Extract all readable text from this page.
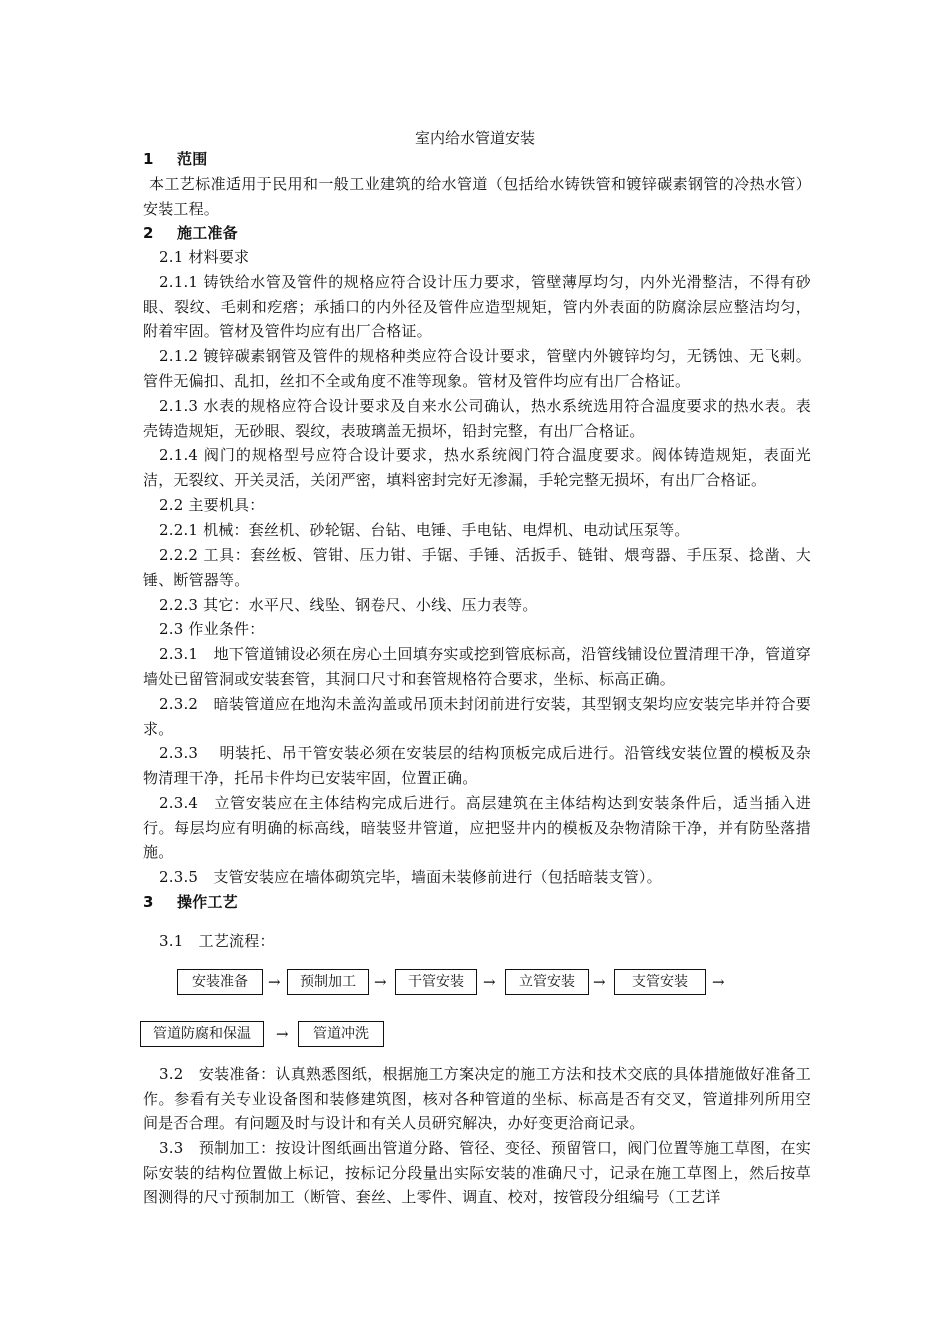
室内给水管道安装
1 范围
本工艺标准适用于民用和一般工业建筑的给水管道（包括给水铸铁管和镀锌碳素钢管的冷热水管）安装工程。
2 施工准备
2.1 材料要求
2.1.1 铸铁给水管及管件的规格应符合设计压力要求，管壁薄厚均匀，内外光滑整洁，不得有砂眼、裂纹、毛刺和疙瘩；承插口的内外径及管件应造型规矩，管内外表面的防腐涂层应整洁均匀，附着牢固。管材及管件均应有出厂合格证。
2.1.2 镀锌碳素钢管及管件的规格种类应符合设计要求，管壁内外镀锌均匀，无锈蚀、无飞刺。管件无偏扣、乱扣，丝扣不全或角度不准等现象。管材及管件均应有出厂合格证。
2.1.3 水表的规格应符合设计要求及自来水公司确认，热水系统选用符合温度要求的热水表。表壳铸造规矩，无砂眼、裂纹，表玻璃盖无损坏，铅封完整，有出厂合格证。
2.1.4 阀门的规格型号应符合设计要求，热水系统阀门符合温度要求。阀体铸造规矩，表面光洁，无裂纹、开关灵活，关闭严密，填料密封完好无渗漏，手轮完整无损坏，有出厂合格证。
2.2 主要机具：
2.2.1 机械：套丝机、砂轮锯、台钻、电锤、手电钻、电焊机、电动试压泵等。
2.2.2 工具：套丝板、管钳、压力钳、手锯、手锤、活扳手、链钳、煨弯器、手压泵、捻凿、大锤、断管器等。
2.2.3 其它：水平尺、线坠、钢卷尺、小线、压力表等。
2.3 作业条件：
2.3.1　地下管道铺设必须在房心土回填夯实或挖到管底标高，沿管线铺设位置清理干净，管道穿墙处已留管洞或安装套管，其洞口尺寸和套管规格符合要求，坐标、标高正确。
2.3.2　暗装管道应在地沟未盖沟盖或吊顶未封闭前进行安装，其型钢支架均应安装完毕并符合要求。
2.3.3　 明装托、吊干管安装必须在安装层的结构顶板完成后进行。沿管线安装位置的模板及杂物清理干净，托吊卡件均已安装牢固，位置正确。
2.3.4　立管安装应在主体结构完成后进行。高层建筑在主体结构达到安装条件后，适当插入进行。每层均应有明确的标高线，暗装竖井管道，应把竖井内的模板及杂物清除干净，并有防坠落措施。
2.3.5　支管安装应在墙体砌筑完毕，墙面未装修前进行（包括暗装支管）。
3 操作工艺
3.1　工艺流程：
安装准备	→	预制加工	→	干管安装	→	立管安装	→	支管安装	→
管道防腐和保温	→	管道冲洗
3.2　安装准备：认真熟悉图纸，根据施工方案决定的施工方法和技术交底的具体措施做好准备工作。参看有关专业设备图和装修建筑图，核对各种管道的坐标、标高是否有交叉，管道排列所用空间是否合理。有问题及时与设计和有关人员研究解决，办好变更洽商记录。
3.3　预制加工：按设计图纸画出管道分路、管径、变径、预留管口，阀门位置等施工草图，在实际安装的结构位置做上标记，按标记分段量出实际安装的准确尺寸，记录在施工草图上，然后按草图测得的尺寸预制加工（断管、套丝、上零件、调直、校对，按管段分组编号（工艺详
